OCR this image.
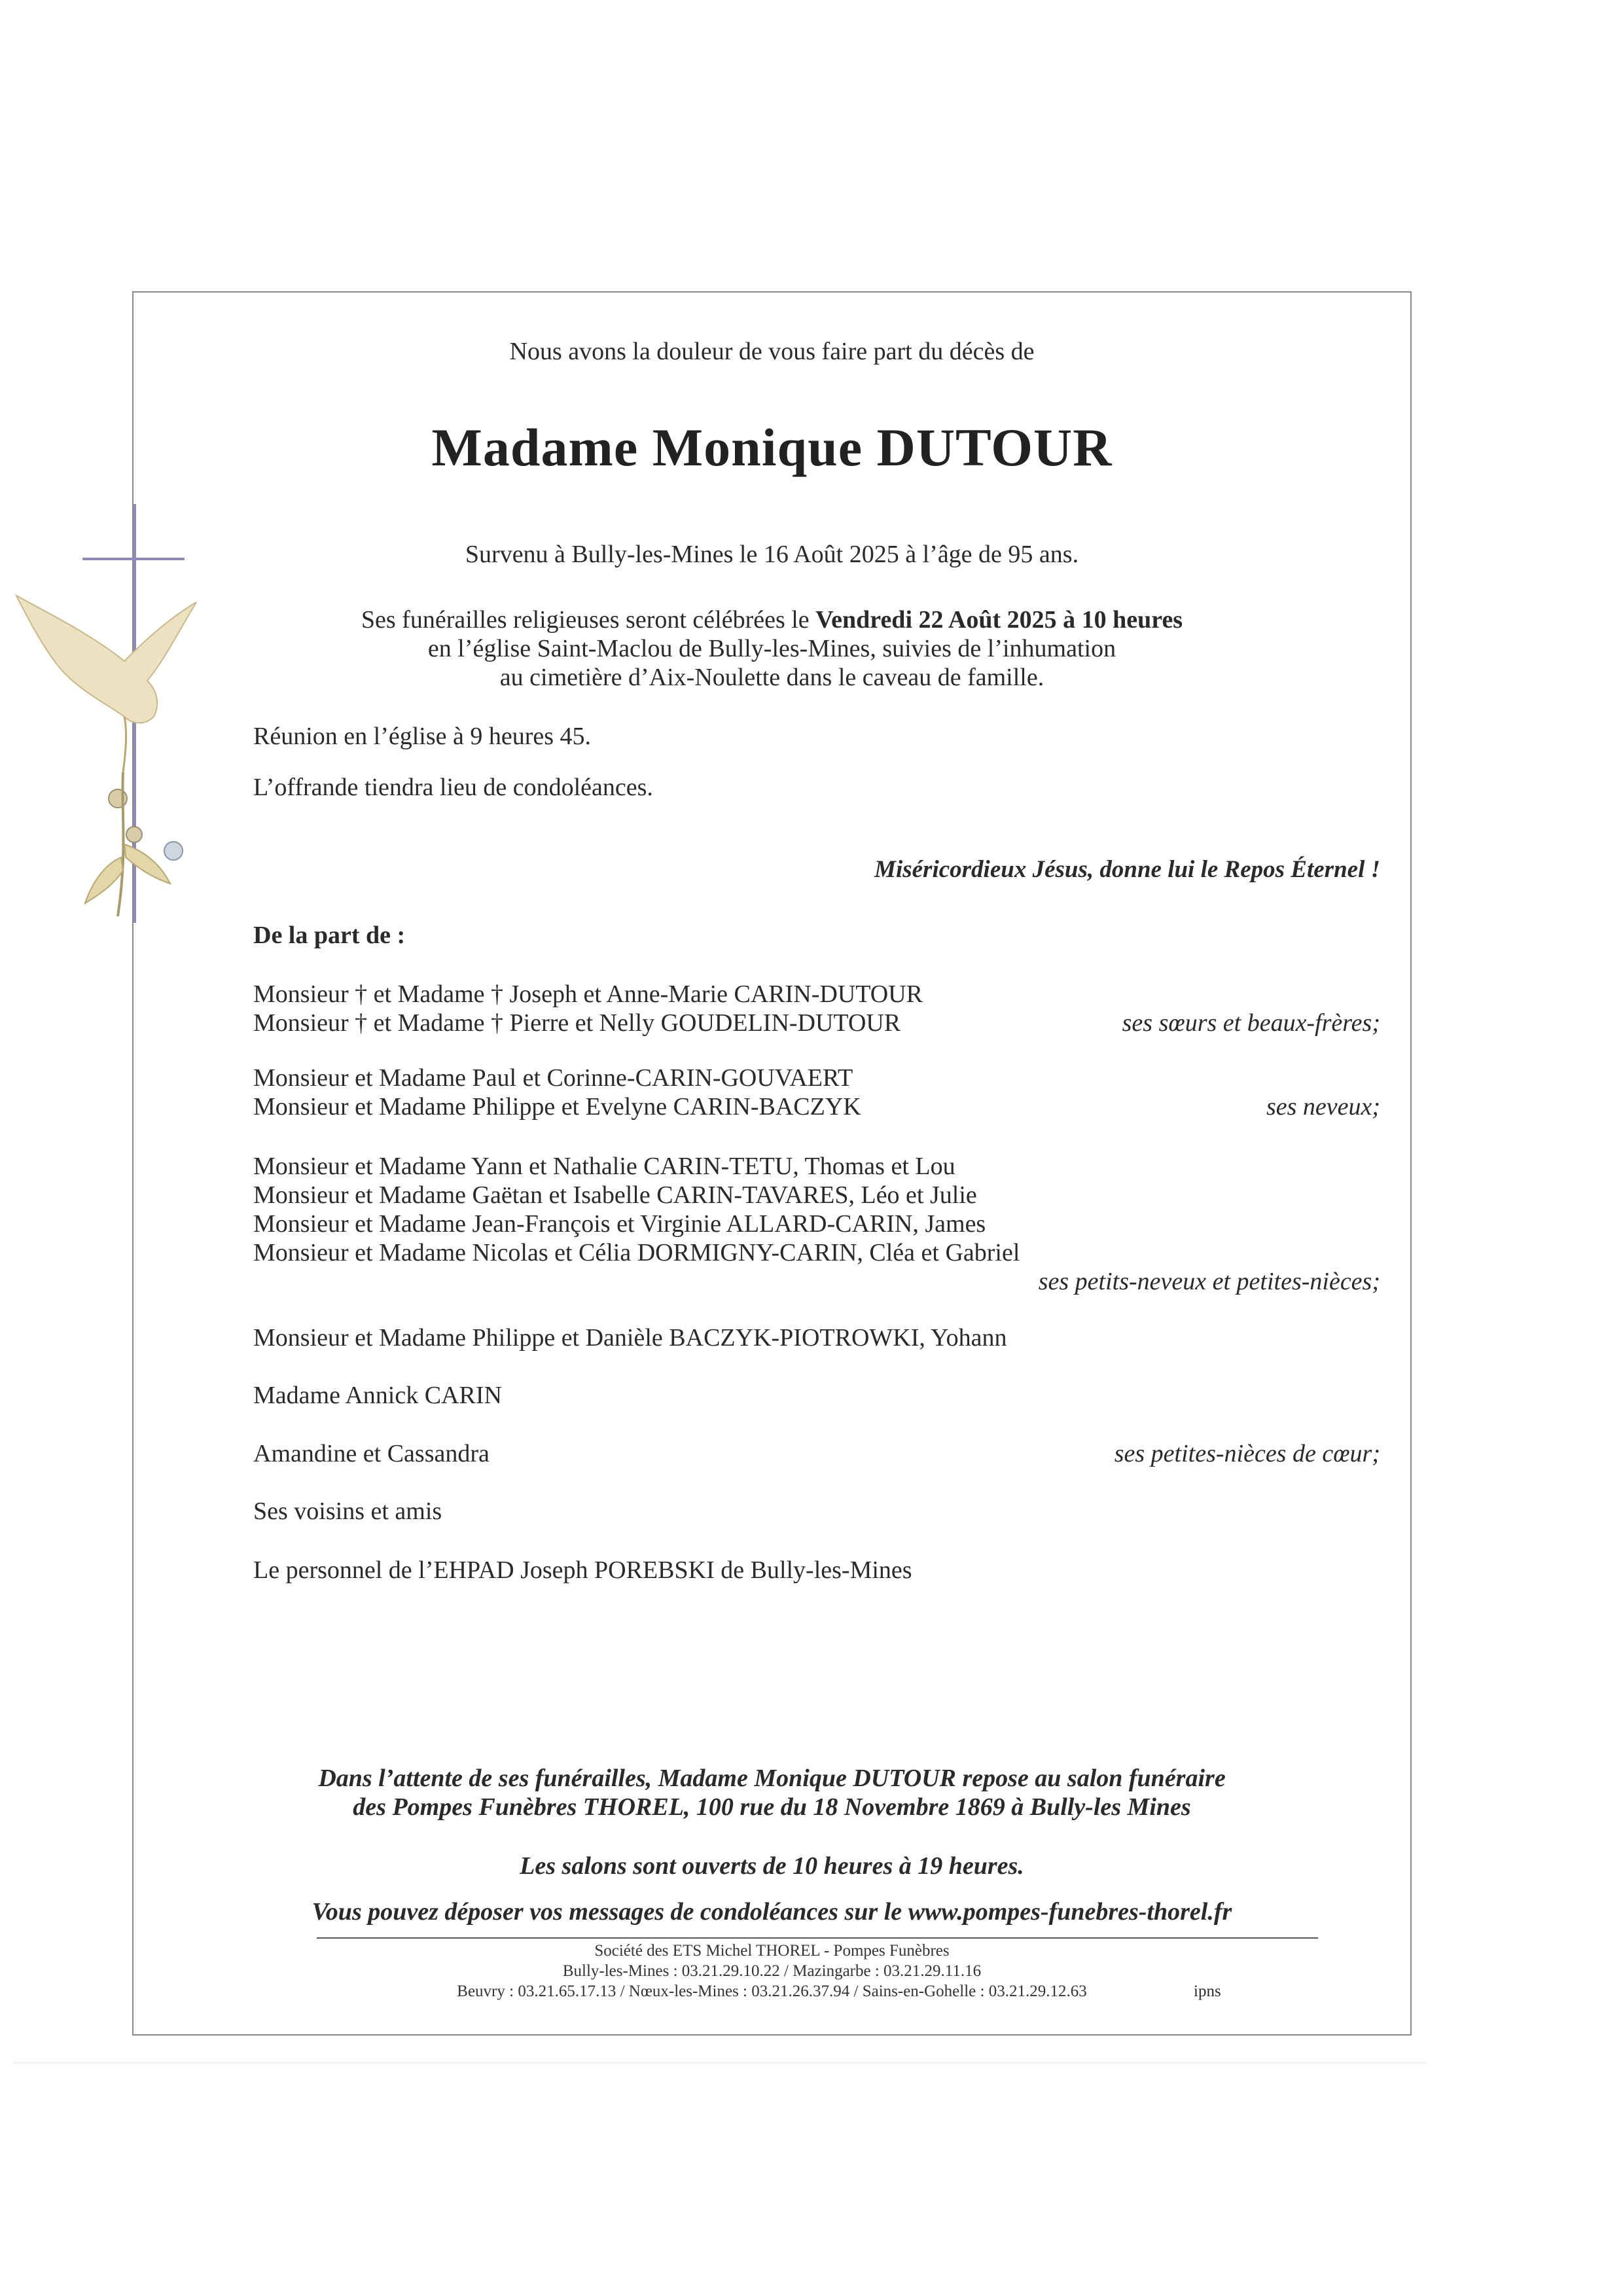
Nous avons la douleur de vous faire part du décès de
Madame Monique DUTOUR
Survenu à Bully-les-Mines le 16 Août 2025 à l’âge de 95 ans.
Ses funérailles religieuses seront célébrées le Vendredi 22 Août 2025 à 10 heures
en l’église Saint-Maclou de Bully-les-Mines, suivies de l’inhumation
au cimetière d’Aix-Noulette dans le caveau de famille.
Réunion en l’église à 9 heures 45.
L’offrande tiendra lieu de condoléances.
Miséricordieux Jésus, donne lui le Repos Éternel !
De la part de :
Monsieur † et Madame † Joseph et Anne-Marie CARIN-DUTOUR
Monsieur † et Madame † Pierre et Nelly GOUDELIN-DUTOUR	ses sœurs et beaux-frères;
Monsieur et Madame Paul et Corinne-CARIN-GOUVAERT
Monsieur et Madame Philippe et Evelyne CARIN-BACZYK	ses neveux;
Monsieur et Madame Yann et Nathalie CARIN-TETU, Thomas et Lou
Monsieur et Madame Gaëtan et Isabelle CARIN-TAVARES, Léo et Julie
Monsieur et Madame Jean-François et Virginie ALLARD-CARIN, James
Monsieur et Madame Nicolas et Célia DORMIGNY-CARIN, Cléa et Gabriel
ses petits-neveux et petites-nièces;
Monsieur et Madame Philippe et Danièle BACZYK-PIOTROWKI, Yohann
Madame Annick CARIN
Amandine et Cassandra	ses petites-nièces de cœur;
Ses voisins et amis
Le personnel de l’EHPAD Joseph POREBSKI de Bully-les-Mines
Dans l’attente de ses funérailles, Madame Monique DUTOUR repose au salon funéraire
des Pompes Funèbres THOREL, 100 rue du 18 Novembre 1869 à Bully-les Mines
Les salons sont ouverts de 10 heures à 19 heures.
Vous pouvez déposer vos messages de condoléances sur le www.pompes-funebres-thorel.fr
Société des ETS Michel THOREL - Pompes Funèbres
Bully-les-Mines : 03.21.29.10.22 / Mazingarbe : 03.21.29.11.16
Beuvry : 03.21.65.17.13 / Nœux-les-Mines : 03.21.26.37.94 / Sains-en-Gohelle : 03.21.29.12.63	ipns
